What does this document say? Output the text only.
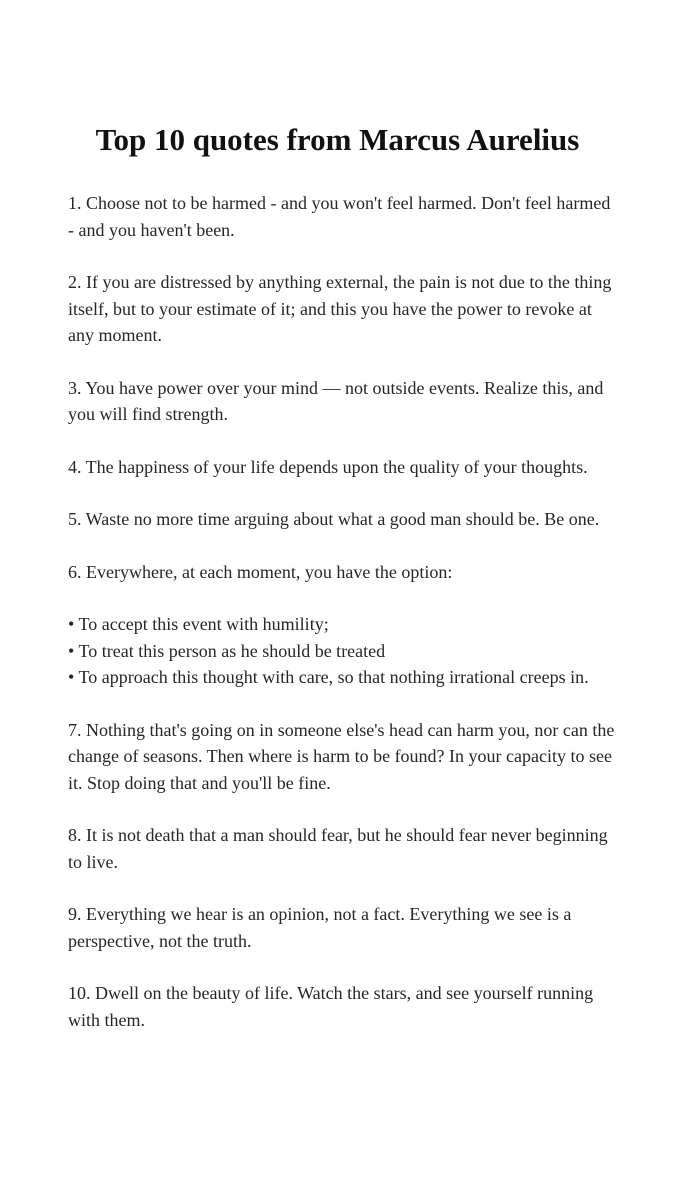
Top 10 quotes from Marcus Aurelius

1. Choose not to be harmed - and you won't feel harmed. Don't feel harmed - and you haven't been.

2. If you are distressed by anything external, the pain is not due to the thing itself, but to your estimate of it; and this you have the power to revoke at any moment.

3. You have power over your mind — not outside events. Realize this, and you will find strength.

4. The happiness of your life depends upon the quality of your thoughts.

5. Waste no more time arguing about what a good man should be. Be one.

6. Everywhere, at each moment, you have the option:

• To accept this event with humility;
• To treat this person as he should be treated
• To approach this thought with care, so that nothing irrational creeps in.

7. Nothing that's going on in someone else's head can harm you, nor can the change of seasons. Then where is harm to be found? In your capacity to see it. Stop doing that and you'll be fine.

8. It is not death that a man should fear, but he should fear never beginning to live.

9. Everything we hear is an opinion, not a fact. Everything we see is a perspective, not the truth.

10. Dwell on the beauty of life. Watch the stars, and see yourself running with them.
